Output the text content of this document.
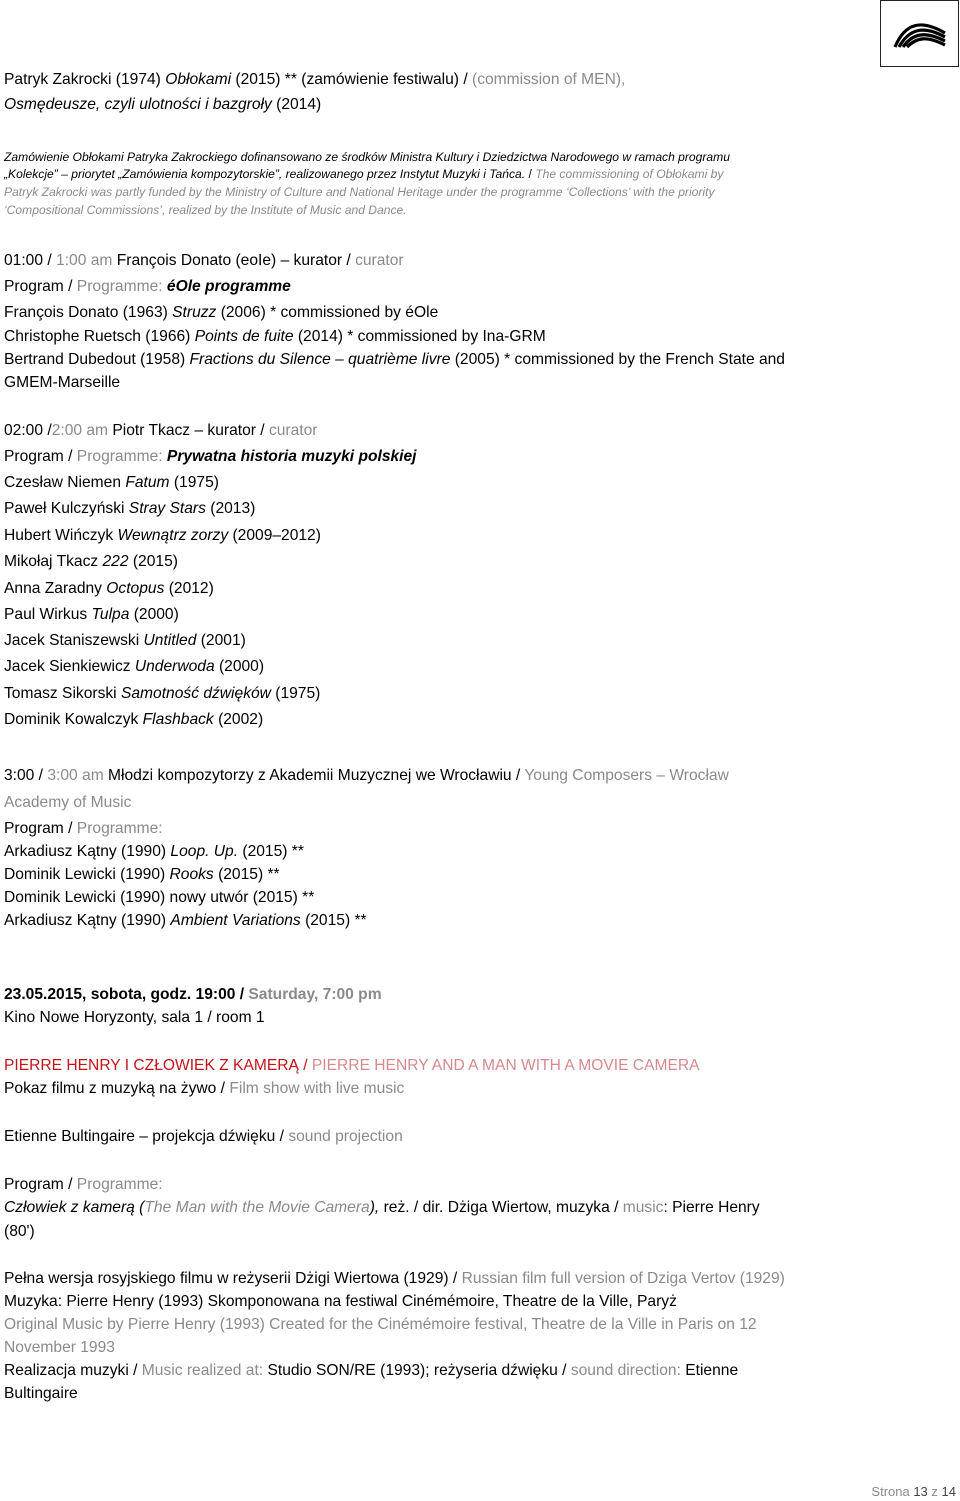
Patryk Zakrocki (1974) Obłokami (2015) ** (zamówienie festiwalu) / (commission of MEN),

Osmędeusze, czyli ulotności i bazgroły (2014)

Zamówienie Obłokami Patryka Zakrockiego dofinansowano ze środków Ministra Kultury i Dziedzictwa Narodowego w ramach programu

„Kolekcje” – priorytet „Zamówienia kompozytorskie”, realizowanego przez Instytut Muzyki i Tańca. / The commissioning of Obłokami by

Patryk Zakrocki was partly funded by the Ministry of Culture and National Heritage under the programme ‘Collections’ with the priority

‘Compositional Commissions’, realized by the Institute of Music and Dance.

01:00 / 1:00 am François Donato (eoIe) – kurator / curator

Program / Programme: éOle programme

François Donato (1963) Struzz (2006) * commissioned by éOle

Christophe Ruetsch (1966) Points de fuite (2014) * commissioned by Ina-GRM

Bertrand Dubedout (1958) Fractions du Silence – quatrième livre (2005) * commissioned by the French State and

GMEM-Marseille

02:00 /2:00 am Piotr Tkacz – kurator / curator

Program / Programme: Prywatna historia muzyki polskiej

Czesław Niemen Fatum (1975)

Paweł Kulczyński Stray Stars (2013)

Hubert Wińczyk Wewnątrz zorzy (2009–2012)

Mikołaj Tkacz 222 (2015)

Anna Zaradny Octopus (2012)

Paul Wirkus Tulpa (2000)

Jacek Staniszewski Untitled (2001)

Jacek Sienkiewicz Underwoda (2000)

Tomasz Sikorski Samotność dźwięków (1975)

Dominik Kowalczyk Flashback (2002)

3:00 / 3:00 am Młodzi kompozytorzy z Akademii Muzycznej we Wrocławiu / Young Composers – Wrocław

Academy of Music

Program / Programme:

Arkadiusz Kątny (1990) Loop. Up. (2015) **

Dominik Lewicki (1990) Rooks (2015) **

Dominik Lewicki (1990) nowy utwór (2015) **

Arkadiusz Kątny (1990) Ambient Variations (2015) **

23.05.2015, sobota, godz. 19:00 / Saturday, 7:00 pm

Kino Nowe Horyzonty, sala 1 / room 1

PIERRE HENRY I CZŁOWIEK Z KAMERĄ / PIERRE HENRY AND A MAN WITH A MOVIE CAMERA

Pokaz filmu z muzyką na żywo / Film show with live music

Etienne Bultingaire – projekcja dźwięku / sound projection

Program / Programme:

Człowiek z kamerą (The Man with the Movie Camera), reż. / dir. Dżiga Wiertow, muzyka / music: Pierre Henry

(80')

Pełna wersja rosyjskiego filmu w reżyserii Dżigi Wiertowa (1929) / Russian film full version of Dziga Vertov (1929)

Muzyka: Pierre Henry (1993) Skomponowana na festiwal Cinémémoire, Theatre de la Ville, Paryż

Original Music by Pierre Henry (1993) Created for the Cinémémoire festival, Theatre de la Ville in Paris on 12

November 1993

Realizacja muzyki / Music realized at: Studio SON/RE (1993); reżyseria dźwięku / sound direction: Etienne

Bultingaire

Strona 13 z 14
